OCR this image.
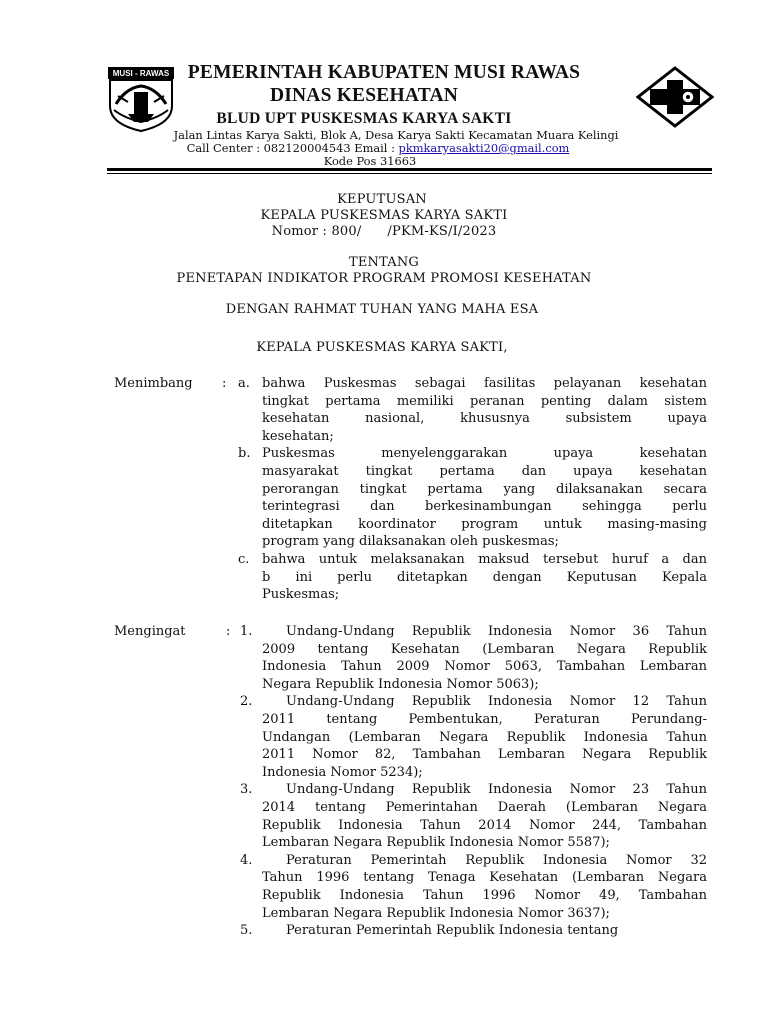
MUSI - RAWAS PEMERINTAH KABUPATEN MUSI RAWAS
DINAS KESEHATAN
BLUD UPT PUSKESMAS KARYA SAKTI
Jalan Lintas Karya Sakti, Blok A, Desa Karya Sakti Kecamatan Muara Kelingi
Call Center : 082120004543 Email : pkmkaryasakti20@gmail.com
Kode Pos 31663
KEPUTUSAN
KEPALA PUSKESMAS KARYA SAKTI
Nomor : 800/      /PKM-KS/I/2023
TENTANG
PENETAPAN INDIKATOR PROGRAM PROMOSI KESEHATAN
DENGAN RAHMAT TUHAN YANG MAHA ESA
KEPALA PUSKESMAS KARYA SAKTI,
Menimbang : a. bahwa Puskesmas sebagai fasilitas pelayanan kesehatan
tingkat pertama memiliki peranan penting dalam sistem
kesehatan nasional, khususnya subsistem upaya
kesehatan;
b. Puskesmas menyelenggarakan upaya kesehatan
masyarakat tingkat pertama dan upaya kesehatan
perorangan tingkat pertama yang dilaksanakan secara
terintegrasi dan berkesinambungan sehingga perlu
ditetapkan koordinator program untuk masing-masing
program yang dilaksanakan oleh puskesmas;
c. bahwa untuk melaksanakan maksud tersebut huruf a dan
b ini perlu ditetapkan dengan Keputusan Kepala
Puskesmas;
Mengingat	: 1.	Undang-Undang Republik Indonesia Nomor 36 Tahun
2009 tentang Kesehatan (Lembaran Negara Republik
Indonesia Tahun 2009 Nomor 5063, Tambahan Lembaran
Negara Republik Indonesia Nomor 5063);
2.	Undang-Undang Republik Indonesia Nomor 12 Tahun
2011 tentang Pembentukan, Peraturan Perundang-
Undangan (Lembaran Negara Republik Indonesia Tahun
2011 Nomor 82, Tambahan Lembaran Negara Republik
Indonesia Nomor 5234);
3.	Undang-Undang Republik Indonesia Nomor 23 Tahun
2014 tentang Pemerintahan Daerah (Lembaran Negara
Republik Indonesia Tahun 2014 Nomor 244, Tambahan
Lembaran Negara Republik Indonesia Nomor 5587);
4.	Peraturan Pemerintah Republik Indonesia Nomor 32
Tahun 1996 tentang Tenaga Kesehatan (Lembaran Negara
Republik Indonesia Tahun 1996 Nomor 49, Tambahan
Lembaran Negara Republik Indonesia Nomor 3637);
5.	Peraturan Pemerintah Republik Indonesia tentang
